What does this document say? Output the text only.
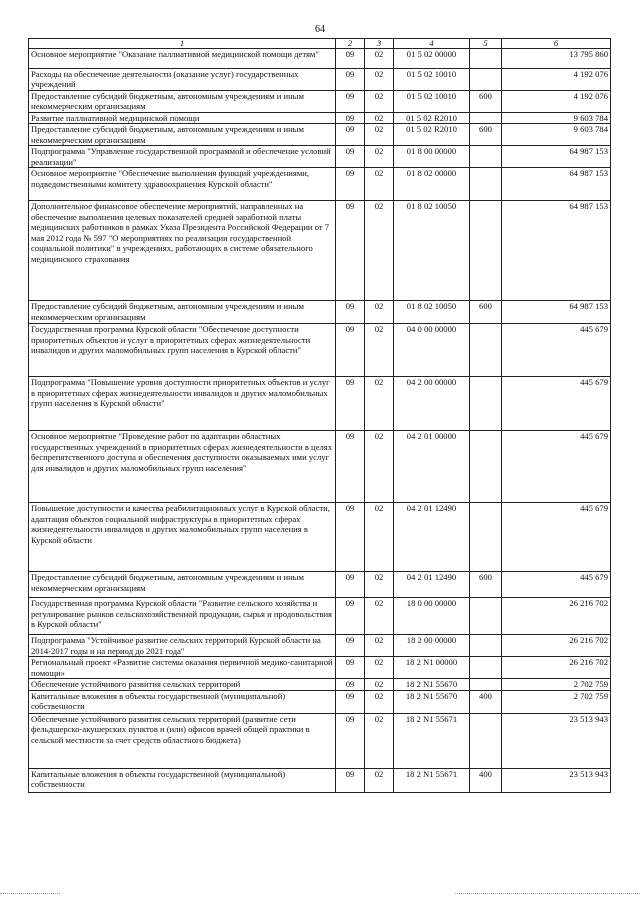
64
1	2	3	4	5	6
Основное мероприятие "Оказание паллиативной медицинской помощи детям"	09	02	01 5 02 00000		13 795 860
Расходы на обеспечение деятельности (оказание услуг) государственных учреждений	09	02	01 5 02 10010		4 192 076
Предоставление субсидий бюджетным, автономным учреждениям и иным некоммерческим организациям	09	02	01 5 02 10010	600	4 192 076
Развитие паллиативной медицинской помощи	09	02	01 5 02 R2010		9 603 784
Предоставление субсидий бюджетным, автономным учреждениям и иным некоммерческим организациям	09	02	01 5 02 R2010	600	9 603 784
Подпрограмма "Управление государственной программой и обеспечение условий реализации"	09	02	01 8 00 00000		64 987 153
Основное мероприятие "Обеспечение выполнения функций учреждениями, подведомственными комитету здравоохранения Курской области"	09	02	01 8 02 00000		64 987 153
Дополнительное финансовое обеспечение мероприятий, направленных на обеспечение выполнения целевых показателей средней заработной платы медицинских работников в рамках Указа Президента Российской Федерации от 7 мая 2012 года № 597 "О мероприятиях по реализации государственной социальной политики" в учреждениях, работающих в системе обязательного медицинского страхования	09	02	01 8 02 10050		64 987 153
Предоставление субсидий бюджетным, автономным учреждениям и иным некоммерческим организациям	09	02	01 8 02 10050	600	64 987 153
Государственная программа Курской области "Обеспечение доступности приоритетных объектов и услуг в приоритетных сферах жизнедеятельности инвалидов и других маломобильных групп населения в Курской области"	09	02	04 0 00 00000		445 679
Подпрограмма "Повышение уровня доступности приоритетных объектов и услуг в приоритетных сферах жизнедеятельности инвалидов и других маломобильных групп населения в Курской области"	09	02	04 2 00 00000		445 679
Основное мероприятие "Проведение работ по адаптации областных государственных учреждений в приоритетных сферах жизнедеятельности в целях беспрепятственного доступа и обеспечения доступности оказываемых ими услуг для инвалидов и других маломобильных групп населения"	09	02	04 2 01 00000		445 679
Повышение доступности и качества реабилитационных услуг в Курской области, адаптация объектов социальной инфраструктуры в приоритетных сферах жизнедеятельности инвалидов и других маломобильных групп населения в Курской области	09	02	04 2 01 12490		445 679
Предоставление субсидий бюджетным, автономным учреждениям и иным некоммерческим организациям	09	02	04 2 01 12490	600	445 679
Государственная программа Курской области "Развитие сельского хозяйства и регулирование рынков сельскохозяйственной продукции, сырья и продовольствия в Курской области"	09	02	18 0 00 00000		26 216 702
Подпрограмма "Устойчивое развитие сельских территорий Курской области на 2014-2017 годы и на период до 2021 года"	09	02	18 2 00 00000		26 216 702
Региональный проект «Развитие системы оказания первичной медико-санитарной помощи»	09	02	18 2 N1 00000		26 216 702
Обеспечение устойчивого развития сельских территорий	09	02	18 2 N1 55670		2 702 759
Капитальные вложения в объекты государственной (муниципальной) собственности	09	02	18 2 N1 55670	400	2 702 759
Обеспечение устойчивого развития сельских территорий (развитие сети фельдшерско-акушерских пунктов и (или) офисов врачей общей практики в сельской местности за счет средств областного бюджета)	09	02	18 2 N1 55671		23 513 943
Капитальные вложения в объекты государственной (муниципальной) собственности	09	02	18 2 N1 55671	400	23 513 943
